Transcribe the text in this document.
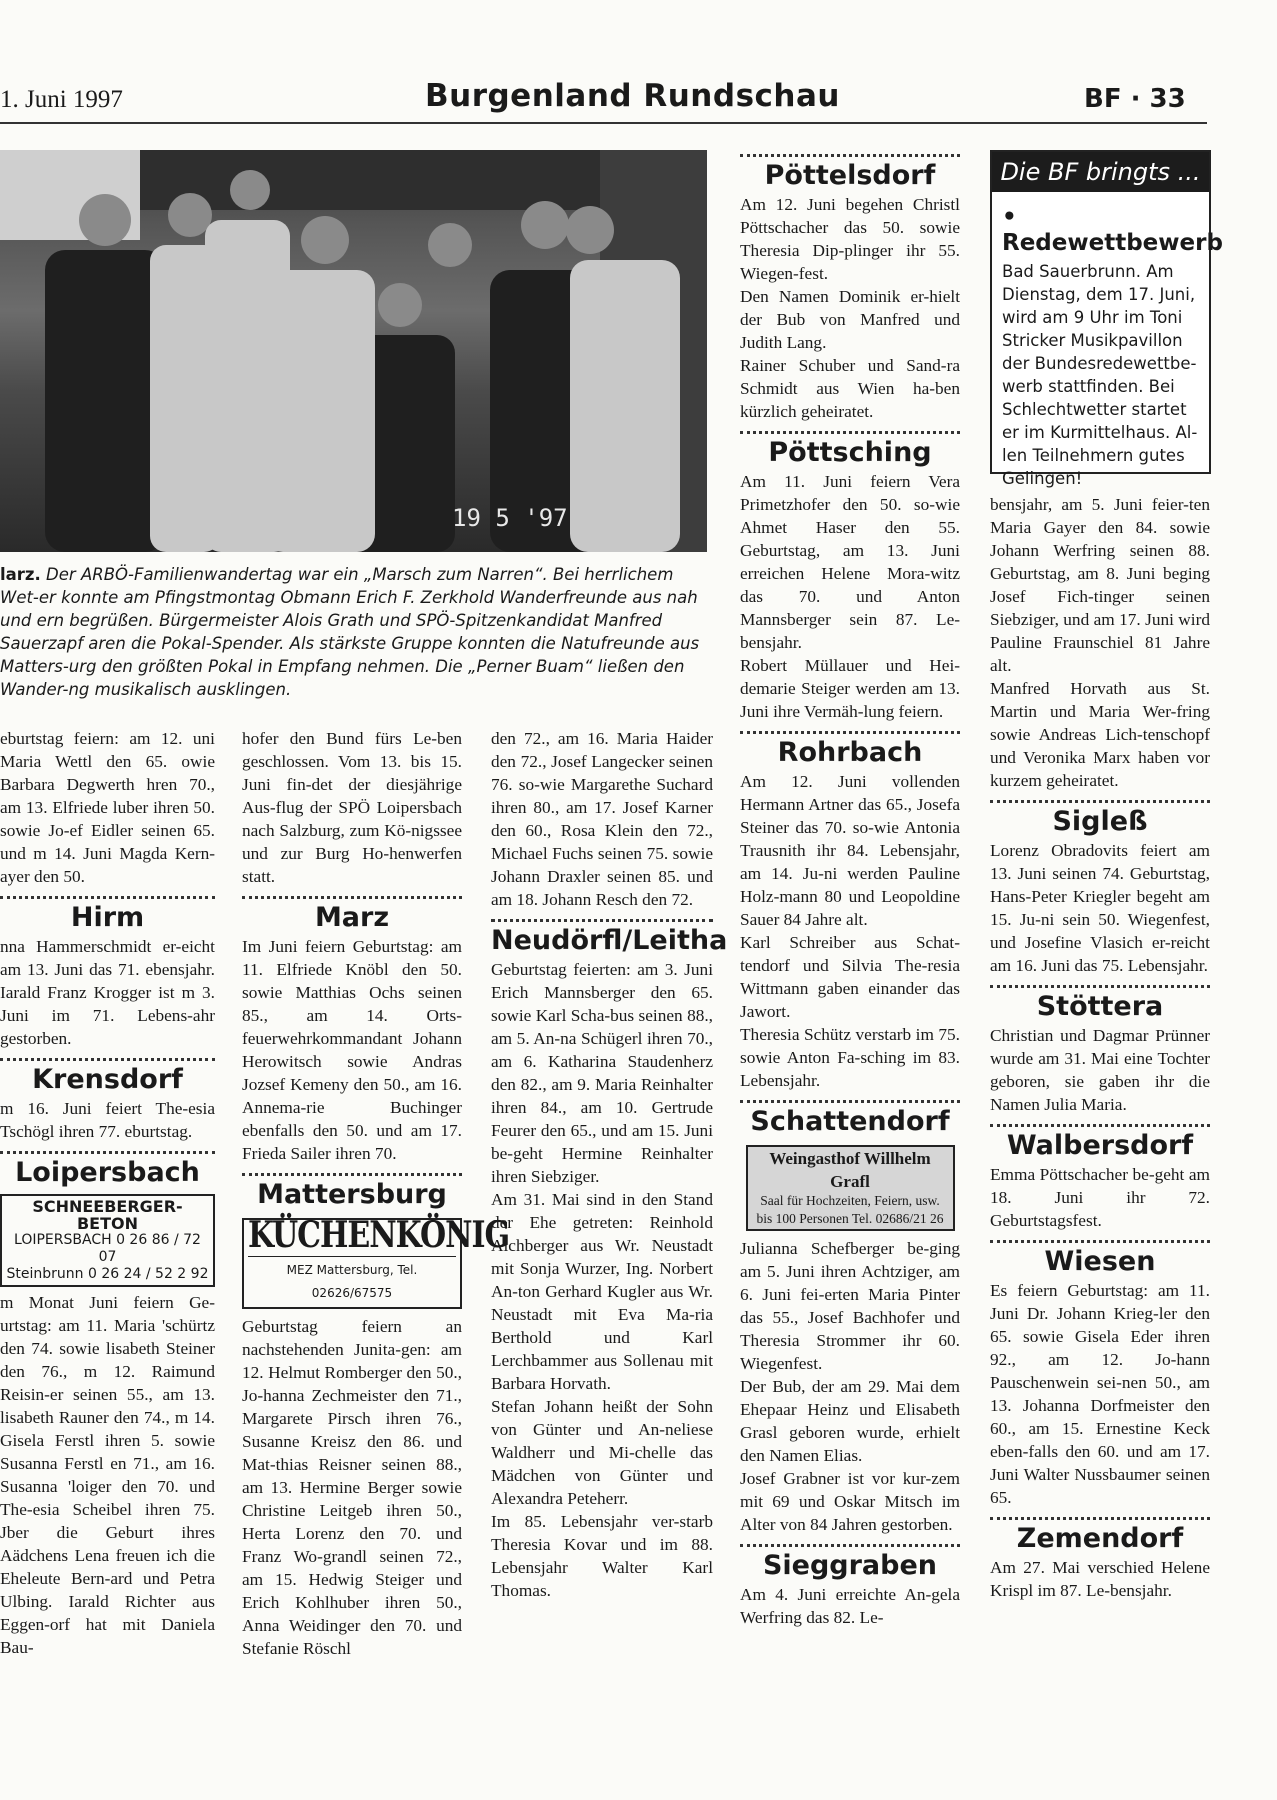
1. Juni 1997	Burgenland Rundschau	BF · 33
19 5 '97
larz. Der ARBÖ-Familienwandertag war ein „Marsch zum Narren“. Bei herrlichem Wet-er konnte am Pfingstmontag Obmann Erich F. Zerkhold Wanderfreunde aus nah und ern begrüßen. Bürgermeister Alois Grath und SPÖ-Spitzenkandidat Manfred Sauerzapf aren die Pokal-Spender. Als stärkste Gruppe konnten die Natufreunde aus Matters-urg den größten Pokal in Empfang nehmen. Die „Perner Buam“ ließen den Wander-ng musikalisch ausklingen.

eburtstag feiern: am 12. uni Maria Wettl den 65. owie Barbara Degwerth hren 70., am 13. Elfriede luber ihren 50. sowie Jo-ef Eidler seinen 65. und m 14. Juni Magda Kern-ayer den 50.

Hirm

nna Hammerschmidt er-eicht am 13. Juni das 71. ebensjahr. Iarald Franz Krogger ist m 3. Juni im 71. Lebens-ahr gestorben.

Krensdorf

m 16. Juni feiert The-esia Tschögl ihren 77. eburtstag.

Loipersbach
SCHNEEBERGER-BETON
LOIPERSBACH 0 26 86 / 72 07
Steinbrunn 0 26 24 / 52 2 92

m Monat Juni feiern Ge-urtstag: am 11. Maria 'schürtz den 74. sowie lisabeth Steiner den 76., m 12. Raimund Reisin-er seinen 55., am 13. lisabeth Rauner den 74., m 14. Gisela Ferstl ihren 5. sowie Susanna Ferstl en 71., am 16. Susanna 'loiger den 70. und The-esia Scheibel ihren 75. Jber die Geburt ihres Aädchens Lena freuen ich die Eheleute Bern-ard und Petra Ulbing. Iarald Richter aus Eggen-orf hat mit Daniela Bau-

hofer den Bund fürs Le-ben geschlossen. Vom 13. bis 15. Juni fin-det der diesjährige Aus-flug der SPÖ Loipersbach nach Salzburg, zum Kö-nigssee und zur Burg Ho-henwerfen statt.

Marz

Im Juni feiern Geburtstag: am 11. Elfriede Knöbl den 50. sowie Matthias Ochs seinen 85., am 14. Orts-feuerwehrkommandant Johann Herowitsch sowie Andras Jozsef Kemeny den 50., am 16. Annema-rie Buchinger ebenfalls den 50. und am 17. Frieda Sailer ihren 70.

Mattersburg
KÜCHENKÖNIG
MEZ Mattersburg, Tel. 02626/67575

Geburtstag feiern an nachstehenden Junita-gen: am 12. Helmut Romberger den 50., Jo-hanna Zechmeister den 71., Margarete Pirsch ihren 76., Susanne Kreisz den 86. und Mat-thias Reisner seinen 88., am 13. Hermine Berger sowie Christine Leitgeb ihren 50., Herta Lorenz den 70. und Franz Wo-grandl seinen 72., am 15. Hedwig Steiger und Erich Kohlhuber ihren 50., Anna Weidinger den 70. und Stefanie Röschl

den 72., am 16. Maria Haider den 72., Josef Langecker seinen 76. so-wie Margarethe Suchard ihren 80., am 17. Josef Karner den 60., Rosa Klein den 72., Michael Fuchs seinen 75. sowie Johann Draxler seinen 85. und am 18. Johann Resch den 72.

Neudörfl/Leitha

Geburtstag feierten: am 3. Juni Erich Mannsberger den 65. sowie Karl Scha-bus seinen 88., am 5. An-na Schügerl ihren 70., am 6. Katharina Staudenherz den 82., am 9. Maria Reinhalter ihren 84., am 10. Gertrude Feurer den 65., und am 15. Juni be-geht Hermine Reinhalter ihren Siebziger.

Am 31. Mai sind in den Stand der Ehe getreten: Reinhold Aichberger aus Wr. Neustadt mit Sonja Wurzer, Ing. Norbert An-ton Gerhard Kugler aus Wr. Neustadt mit Eva Ma-ria Berthold und Karl Lerchbammer aus Sollenau mit Barbara Horvath.

Stefan Johann heißt der Sohn von Günter und An-neliese Waldherr und Mi-chelle das Mädchen von Günter und Alexandra Peteherr.

Im 85. Lebensjahr ver-starb Theresia Kovar und im 88. Lebensjahr Walter Karl Thomas.

Pöttelsdorf

Am 12. Juni begehen Christl Pöttschacher das 50. sowie Theresia Dip-plinger ihr 55. Wiegen-fest.

Den Namen Dominik er-hielt der Bub von Manfred und Judith Lang.

Rainer Schuber und Sand-ra Schmidt aus Wien ha-ben kürzlich geheiratet.

Pöttsching

Am 11. Juni feiern Vera Primetzhofer den 50. so-wie Ahmet Haser den 55. Geburtstag, am 13. Juni erreichen Helene Mora-witz das 70. und Anton Mannsberger sein 87. Le-bensjahr.

Robert Müllauer und Hei-demarie Steiger werden am 13. Juni ihre Vermäh-lung feiern.

Rohrbach

Am 12. Juni vollenden Hermann Artner das 65., Josefa Steiner das 70. so-wie Antonia Trausnith ihr 84. Lebensjahr, am 14. Ju-ni werden Pauline Holz-mann 80 und Leopoldine Sauer 84 Jahre alt.

Karl Schreiber aus Schat-tendorf und Silvia The-resia Wittmann gaben einander das Jawort.

Theresia Schütz verstarb im 75. sowie Anton Fa-sching im 83. Lebensjahr.

Schattendorf
Weingasthof Willhelm Grafl
Saal für Hochzeiten, Feiern, usw.
bis 100 Personen Tel. 02686/21 26

Julianna Schefberger be-ging am 5. Juni ihren Achtziger, am 6. Juni fei-erten Maria Pinter das 55., Josef Bachhofer und Theresia Strommer ihr 60. Wiegenfest.

Der Bub, der am 29. Mai dem Ehepaar Heinz und Elisabeth Grasl geboren wurde, erhielt den Namen Elias.

Josef Grabner ist vor kur-zem mit 69 und Oskar Mitsch im Alter von 84 Jahren gestorben.

Sieggraben

Am 4. Juni erreichte An-gela Werfring das 82. Le-

Die BF bringts ...
• Redewettbewerb
Bad Sauerbrunn. Am Dienstag, dem 17. Juni, wird am 9 Uhr im Toni Stricker Musikpavillon der Bundesredewettbe-werb stattfinden. Bei Schlechtwetter startet er im Kurmittelhaus. Al-len Teilnehmern gutes Gelingen!

bensjahr, am 5. Juni feier-ten Maria Gayer den 84. sowie Johann Werfring seinen 88. Geburtstag, am 8. Juni beging Josef Fich-tinger seinen Siebziger, und am 17. Juni wird Pauline Fraunschiel 81 Jahre alt.

Manfred Horvath aus St. Martin und Maria Wer-fring sowie Andreas Lich-tenschopf und Veronika Marx haben vor kurzem geheiratet.

Sigleß

Lorenz Obradovits feiert am 13. Juni seinen 74. Geburtstag, Hans-Peter Kriegler begeht am 15. Ju-ni sein 50. Wiegenfest, und Josefine Vlasich er-reicht am 16. Juni das 75. Lebensjahr.

Stöttera

Christian und Dagmar Prünner wurde am 31. Mai eine Tochter geboren, sie gaben ihr die Namen Julia Maria.

Walbersdorf

Emma Pöttschacher be-geht am 18. Juni ihr 72. Geburtstagsfest.

Wiesen

Es feiern Geburtstag: am 11. Juni Dr. Johann Krieg-ler den 65. sowie Gisela Eder ihren 92., am 12. Jo-hann Pauschenwein sei-nen 50., am 13. Johanna Dorfmeister den 60., am 15. Ernestine Keck eben-falls den 60. und am 17. Juni Walter Nussbaumer seinen 65.

Zemendorf

Am 27. Mai verschied Helene Krispl im 87. Le-bensjahr.
